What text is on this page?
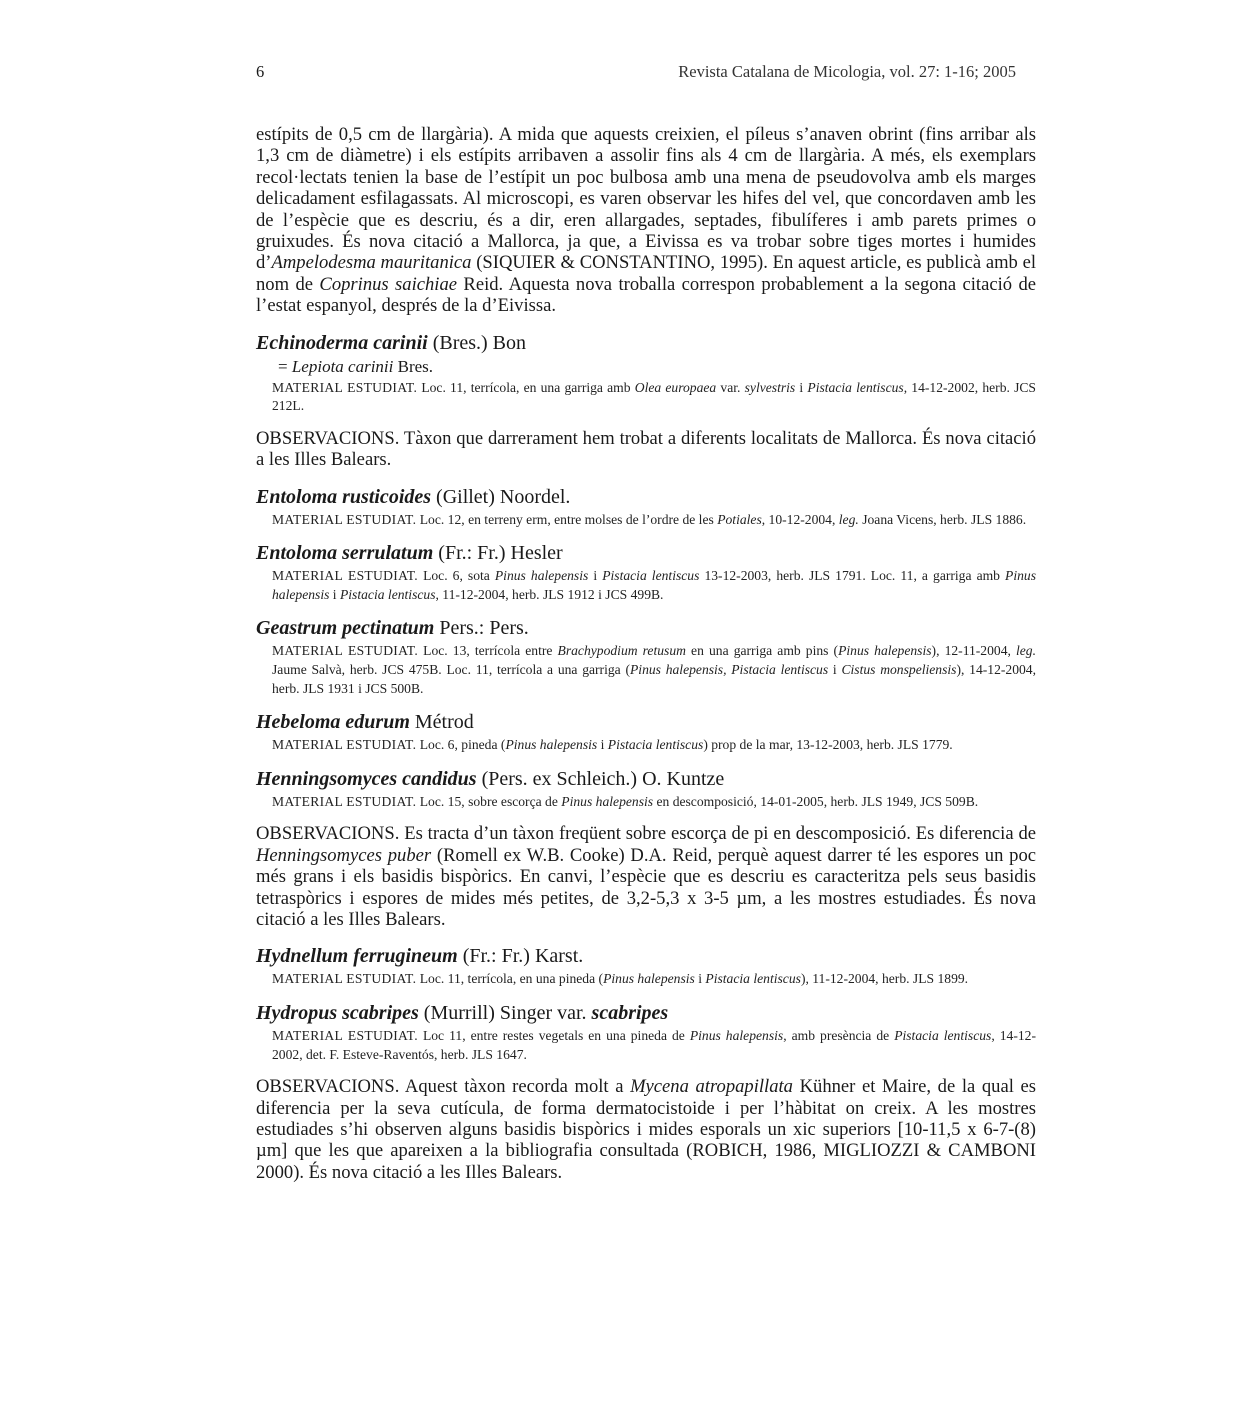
6	Revista Catalana de Micologia, vol. 27: 1-16; 2005

estípits de 0,5 cm de llargària). A mida que aquests creixien, el píleus s’anaven obrint (fins arribar als 1,3 cm de diàmetre) i els estípits arribaven a assolir fins als 4 cm de llargària. A més, els exemplars recol·lectats tenien la base de l’estípit un poc bulbosa amb una mena de pseudovolva amb els marges delicadament esfilagassats. Al microscopi, es varen observar les hifes del vel, que concordaven amb les de l’espècie que es descriu, és a dir, eren allargades, septades, fibulíferes i amb parets primes o gruixudes. És nova citació a Mallorca, ja que, a Eivissa es va trobar sobre tiges mortes i humides d’Ampelodesma mauritanica (SIQUIER & CONSTANTINO, 1995). En aquest article, es publicà amb el nom de Coprinus saichiae Reid. Aquesta nova troballa correspon probablement a la segona citació de l’estat espanyol, després de la d’Eivissa.

Echinoderma carinii (Bres.) Bon

= Lepiota carinii Bres.

MATERIAL ESTUDIAT. Loc. 11, terrícola, en una garriga amb Olea europaea var. sylvestris i Pistacia lentiscus, 14-12-2002, herb. JCS 212L.

OBSERVACIONS. Tàxon que darrerament hem trobat a diferents localitats de Mallorca. És nova citació a les Illes Balears.

Entoloma rusticoides (Gillet) Noordel.

MATERIAL ESTUDIAT. Loc. 12, en terreny erm, entre molses de l’ordre de les Potiales, 10-12-2004, leg. Joana Vicens, herb. JLS 1886.

Entoloma serrulatum (Fr.: Fr.) Hesler

MATERIAL ESTUDIAT. Loc. 6, sota Pinus halepensis i Pistacia lentiscus 13-12-2003, herb. JLS 1791. Loc. 11, a garriga amb Pinus halepensis i Pistacia lentiscus, 11-12-2004, herb. JLS 1912 i JCS 499B.

Geastrum pectinatum Pers.: Pers.

MATERIAL ESTUDIAT. Loc. 13, terrícola entre Brachypodium retusum en una garriga amb pins (Pinus halepensis), 12-11-2004, leg. Jaume Salvà, herb. JCS 475B. Loc. 11, terrícola a una garriga (Pinus halepensis, Pistacia lentiscus i Cistus monspeliensis), 14-12-2004, herb. JLS 1931 i JCS 500B.

Hebeloma edurum Métrod

MATERIAL ESTUDIAT. Loc. 6, pineda (Pinus halepensis i Pistacia lentiscus) prop de la mar, 13-12-2003, herb. JLS 1779.

Henningsomyces candidus (Pers. ex Schleich.) O. Kuntze

MATERIAL ESTUDIAT. Loc. 15, sobre escorça de Pinus halepensis en descomposició, 14-01-2005, herb. JLS 1949, JCS 509B.

OBSERVACIONS. Es tracta d’un tàxon freqüent sobre escorça de pi en descomposició. Es diferencia de Henningsomyces puber (Romell ex W.B. Cooke) D.A. Reid, perquè aquest darrer té les espores un poc més grans i els basidis bispòrics. En canvi, l’espècie que es descriu es caracteritza pels seus basidis tetraspòrics i espores de mides més petites, de 3,2-5,3 x 3-5 µm, a les mostres estudiades. És nova citació a les Illes Balears.

Hydnellum ferrugineum (Fr.: Fr.) Karst.

MATERIAL ESTUDIAT. Loc. 11, terrícola, en una pineda (Pinus halepensis i Pistacia lentiscus), 11-12-2004, herb. JLS 1899.

Hydropus scabripes (Murrill) Singer var. scabripes

MATERIAL ESTUDIAT. Loc 11, entre restes vegetals en una pineda de Pinus halepensis, amb presència de Pistacia lentiscus, 14-12-2002, det. F. Esteve-Raventós, herb. JLS 1647.

OBSERVACIONS. Aquest tàxon recorda molt a Mycena atropapillata Kühner et Maire, de la qual es diferencia per la seva cutícula, de forma dermatocistoide i per l’hàbitat on creix. A les mostres estudiades s’hi observen alguns basidis bispòrics i mides esporals un xic superiors [10-11,5 x 6-7-(8) µm] que les que apareixen a la bibliografia consultada (ROBICH, 1986, MIGLIOZZI & CAMBONI 2000). És nova citació a les Illes Balears.
